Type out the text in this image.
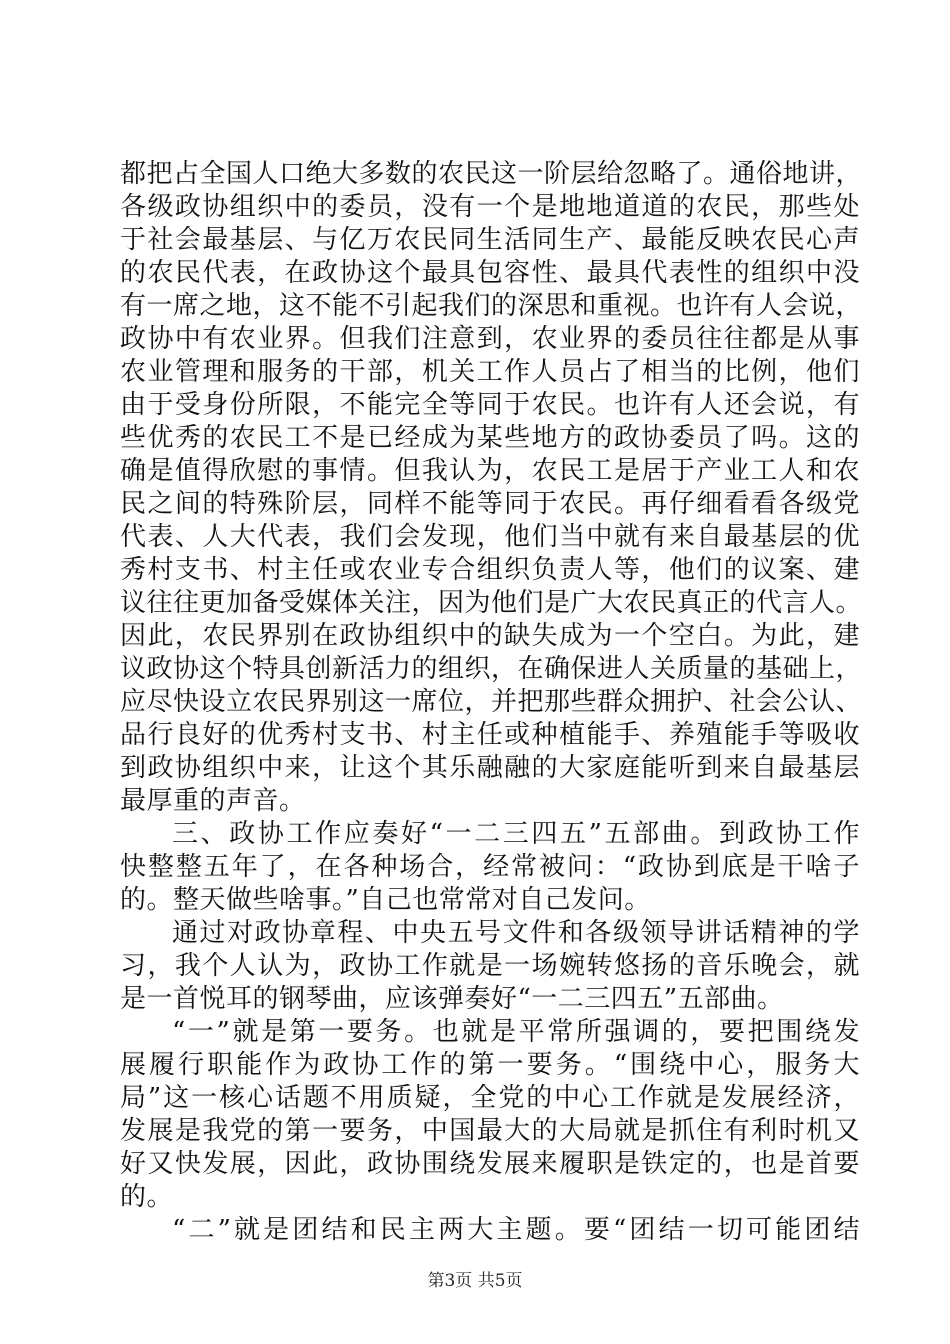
都把占全国人口绝大多数的农民这一阶层给忽略了。通俗地讲，
各级政协组织中的委员，没有一个是地地道道的农民，那些处
于社会最基层、与亿万农民同生活同生产、最能反映农民心声
的农民代表，在政协这个最具包容性、最具代表性的组织中没
有一席之地，这不能不引起我们的深思和重视。也许有人会说，
政协中有农业界。但我们注意到，农业界的委员往往都是从事
农业管理和服务的干部，机关工作人员占了相当的比例，他们
由于受身份所限，不能完全等同于农民。也许有人还会说，有
些优秀的农民工不是已经成为某些地方的政协委员了吗。这的
确是值得欣慰的事情。但我认为，农民工是居于产业工人和农
民之间的特殊阶层，同样不能等同于农民。再仔细看看各级党
代表、人大代表，我们会发现，他们当中就有来自最基层的优
秀村支书、村主任或农业专合组织负责人等，他们的议案、建
议往往更加备受媒体关注，因为他们是广大农民真正的代言人。
因此，农民界别在政协组织中的缺失成为一个空白。为此，建
议政协这个特具创新活力的组织，在确保进人关质量的基础上，
应尽快设立农民界别这一席位，并把那些群众拥护、社会公认、
品行良好的优秀村支书、村主任或种植能手、养殖能手等吸收
到政协组织中来，让这个其乐融融的大家庭能听到来自最基层
最厚重的声音。
三、政协工作应奏好“一二三四五”五部曲。到政协工作
快整整五年了，在各种场合，经常被问：“政协到底是干啥子
的。整天做些啥事。”自己也常常对自己发问。
通过对政协章程、中央五号文件和各级领导讲话精神的学
习，我个人认为，政协工作就是一场婉转悠扬的音乐晚会，就
是一首悦耳的钢琴曲，应该弹奏好“一二三四五”五部曲。
“一”就是第一要务。也就是平常所强调的，要把围绕发
展履行职能作为政协工作的第一要务。“围绕中心，服务大
局”这一核心话题不用质疑，全党的中心工作就是发展经济，
发展是我党的第一要务，中国最大的大局就是抓住有利时机又
好又快发展，因此，政协围绕发展来履职是铁定的，也是首要
的。
“二”就是团结和民主两大主题。要“团结一切可能团结
第3页 共5页
